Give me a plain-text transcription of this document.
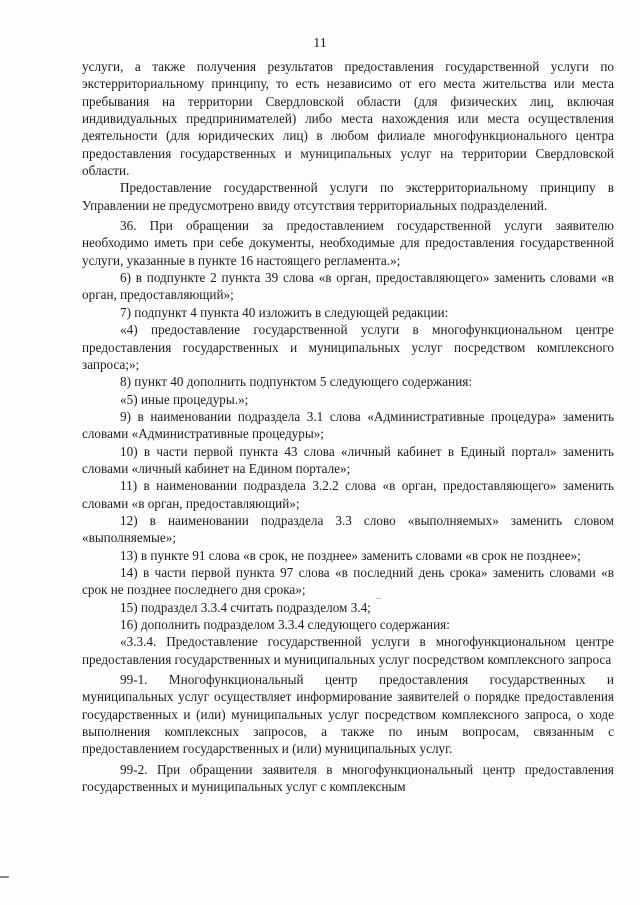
11

услуги, а также получения результатов предоставления государственной услуги по экстерриториальному принципу, то есть независимо от его места жительства или места пребывания на территории Свердловской области (для физических лиц, включая индивидуальных предпринимателей) либо места нахождения или места осуществления деятельности (для юридических лиц) в любом филиале многофункционального центра предоставления государственных и муниципальных услуг на территории Свердловской области.

Предоставление государственной услуги по экстерриториальному принципу в Управлении не предусмотрено ввиду отсутствия территориальных подразделений.

36. При обращении за предоставлением государственной услуги заявителю необходимо иметь при себе документы, необходимые для предоставления государственной услуги, указанные в пункте 16 настоящего регламента.»;

6) в подпункте 2 пункта 39 слова «в орган, предоставляющего» заменить словами «в орган, предоставляющий»;

7) подпункт 4 пункта 40 изложить в следующей редакции:

«4) предоставление государственной услуги в многофункциональном центре предоставления государственных и муниципальных услуг посредством комплексного запроса;»;

8) пункт 40 дополнить подпунктом 5 следующего содержания:

«5) иные процедуры.»;

9) в наименовании подраздела 3.1 слова «Административные процедура» заменить словами «Административные процедуры»;

10) в части первой пункта 43 слова «личный кабинет в Единый портал» заменить словами «личный кабинет на Едином портале»;

11) в наименовании подраздела 3.2.2 слова «в орган, предоставляющего» заменить словами «в орган, предоставляющий»;

12) в наименовании подраздела 3.3 слово «выполняемых» заменить словом «выполняемые»;

13) в пункте 91 слова «в срок, не позднее» заменить словами «в срок не позднее»;

14) в части первой пункта 97 слова «в последний день срока» заменить словами «в срок не позднее последнего дня срока»;

15) подраздел 3.3.4 считать подразделом 3.4;

16) дополнить подразделом 3.3.4 следующего содержания:

«3.3.4. Предоставление государственной услуги в многофункциональном центре предоставления государственных и муниципальных услуг посредством комплексного запроса

99-1. Многофункциональный центр предоставления государственных и муниципальных услуг осуществляет информирование заявителей о порядке предоставления государственных и (или) муниципальных услуг посредством комплексного запроса, о ходе выполнения комплексных запросов, а также по иным вопросам, связанным с предоставлением государственных и (или) муниципальных услуг.

99-2. При обращении заявителя в многофункциональный центр предоставления государственных и муниципальных услуг с комплексным
